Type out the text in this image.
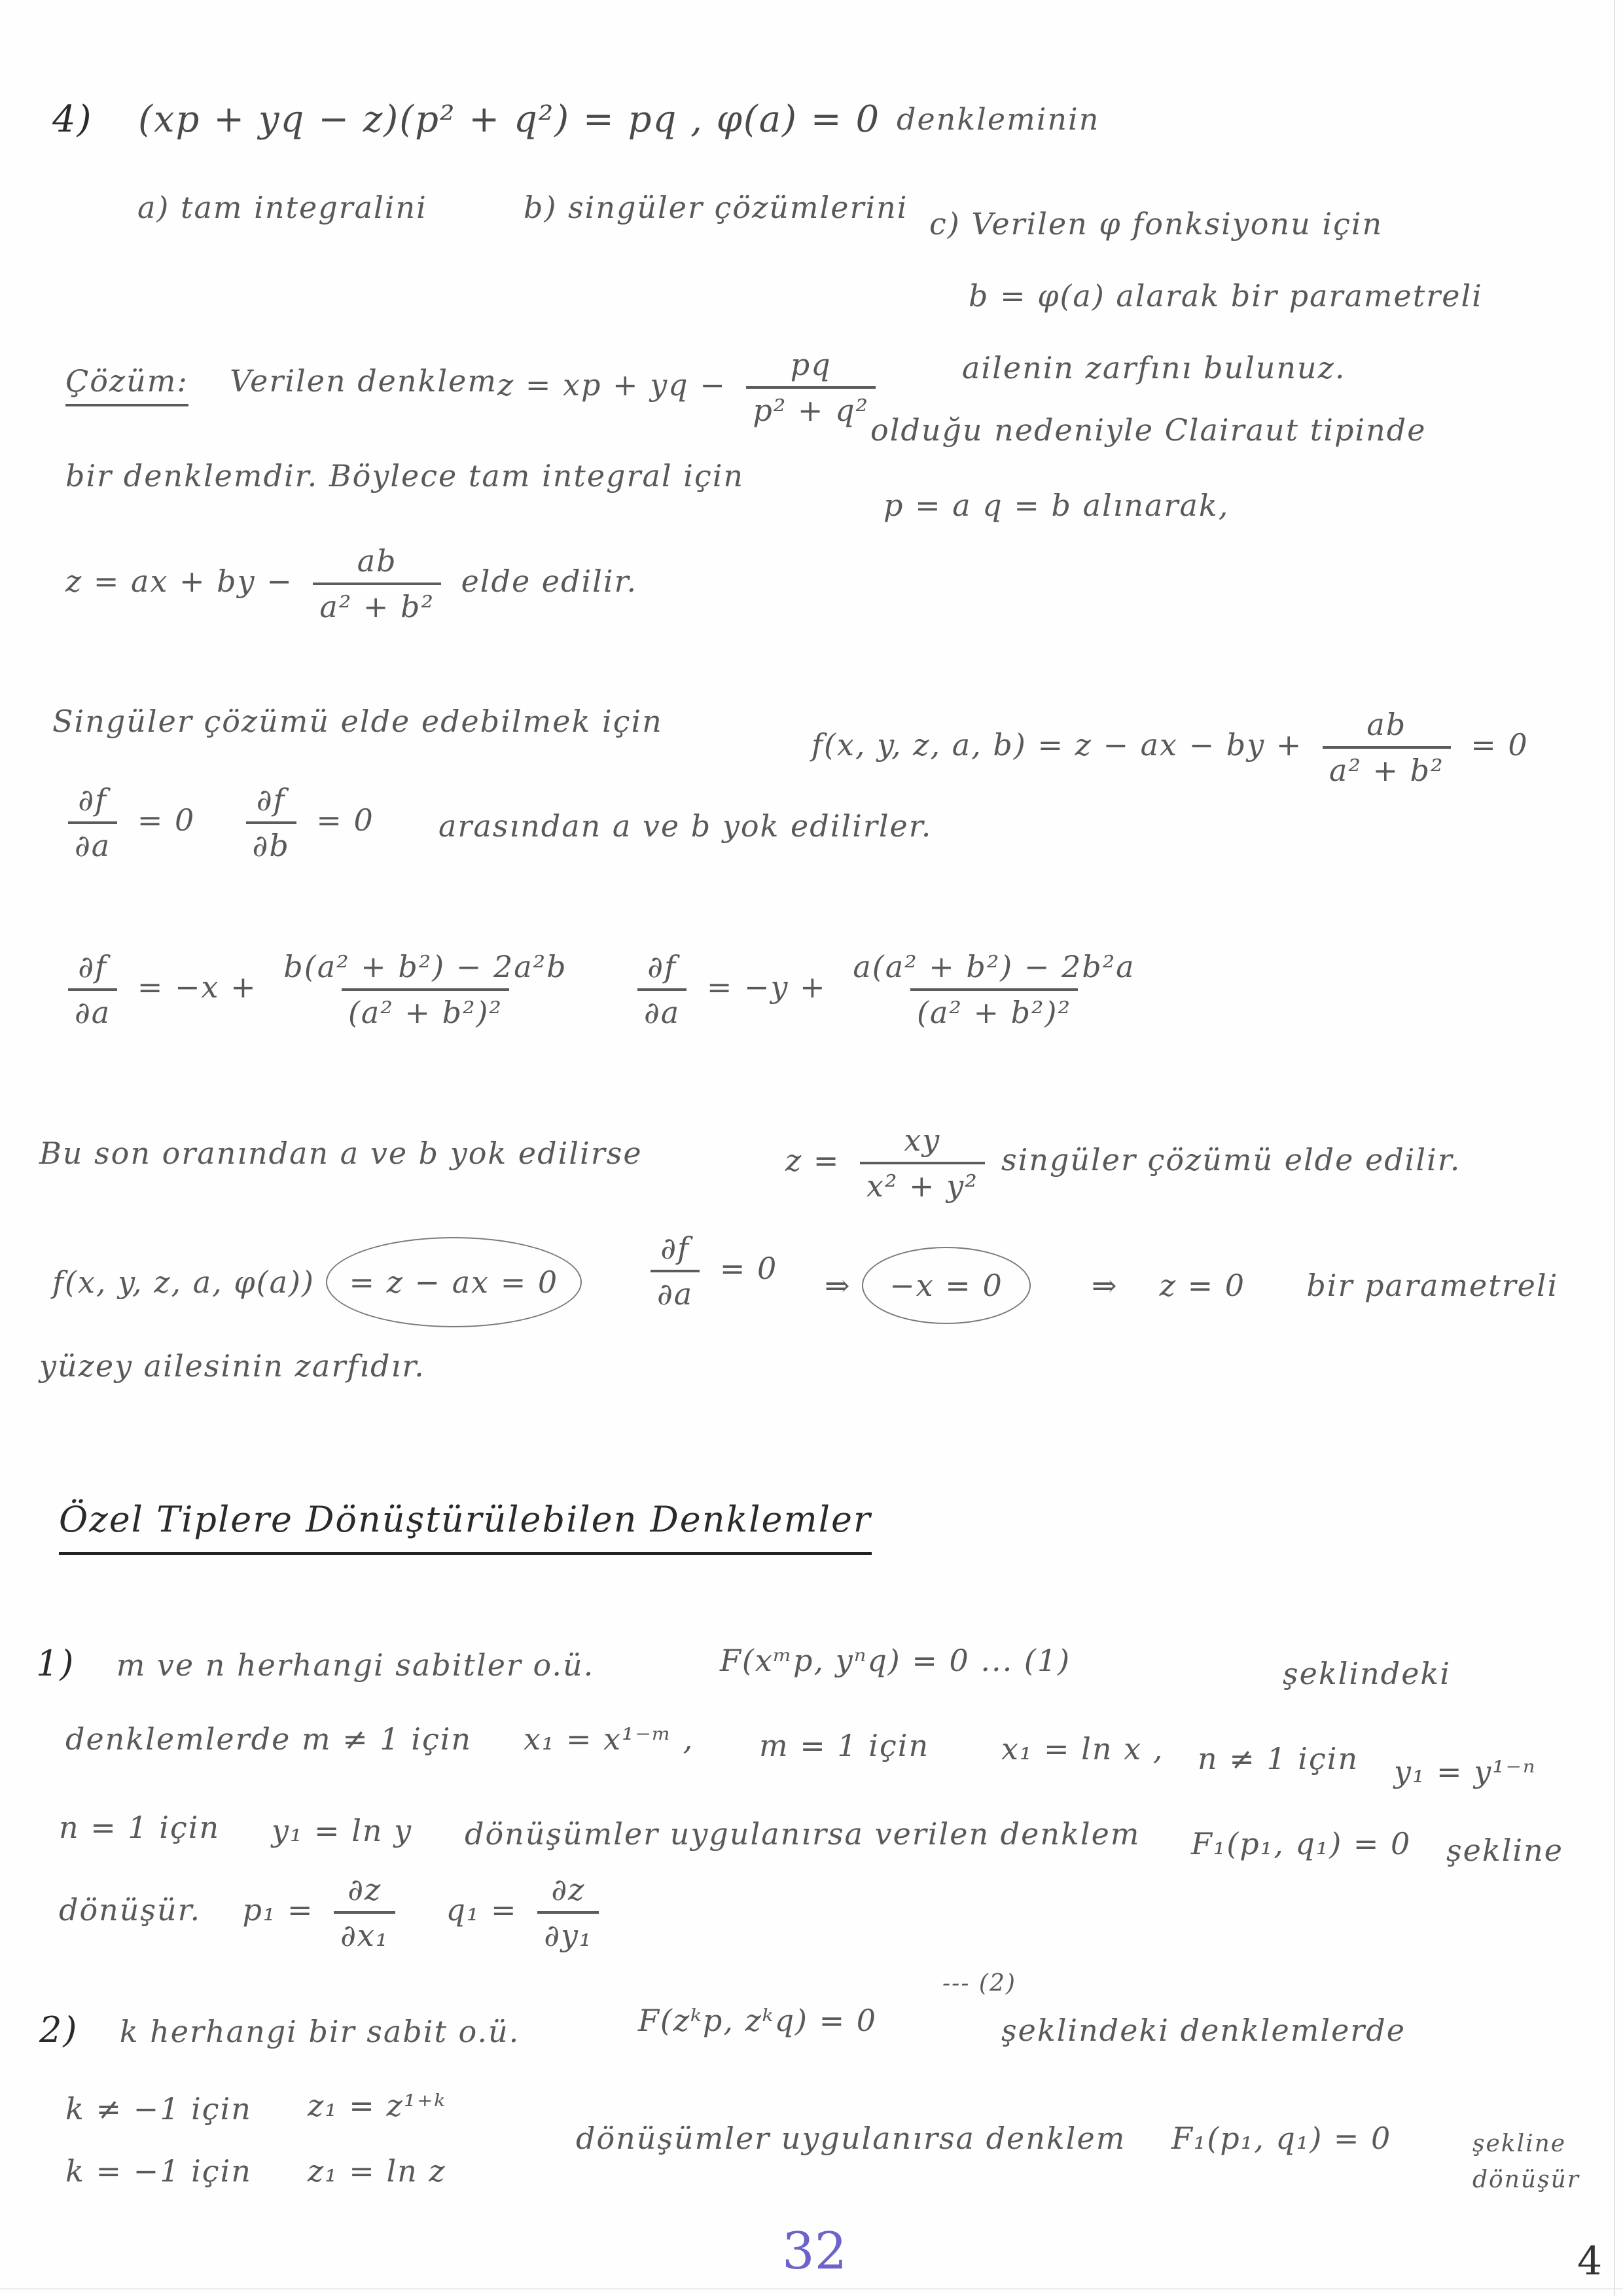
4) (xp + yq − z)(p² + q²) = pq , φ(a) = 0 denkleminin
a) tam integralini	b) singüler çözümlerini c) Verilen φ fonksiyonu için
b = φ(a) alarak bir parametreli
ailenin zarfını bulunuz.
Çözüm: Verilen denklem z = xp + yq − $\frac{pq}{\text{p² + q²}}$
olduğu nedeniyle Clairaut tipinde
bir denklemdir. Böylece tam integral için
p = a q = b alınarak,
z = ax + by − $\frac{ab}{\text{a² + b²}}$ elde edilir.
Singüler çözümü elde edebilmek için
f(x, y, z, a, b) = z − ax − by + $\frac{ab}{\text{a² + b²}} = 0$
$\frac{\partial f}{\partial a} = 0 \frac{\partial f}{\partial b} = 0$ arasından a ve b yok edilirler.
$\frac{\partial f}{\partial a} = -x + \frac{\text{b(a² + b²) − 2a²b}}{\text{(a² + b²)²}} \frac{\partial f}{\partial a} = -y + \frac{\text{a(a² + b²) − 2b²a}}{\text{(a² + b²)²}}$
Bu son oranından a ve b yok edilirse	$z = \frac{xy}{\text{x² + y²}}$ singüler çözümü elde edilir.
f(x, y, z, a, φ(a)) = z − ax = 0	$\frac{\partial f}{\partial a} = 0$ ⇒ −x = 0	⇒ z = 0 bir parametreli
yüzey ailesinin zarfıdır.
Özel Tiplere Dönüştürülebilen Denklemler
1) m ve n herhangi sabitler o.ü.	F(xᵐp, yⁿq) = 0 ... (1)	şeklindeki
denklemlerde m ≠ 1 için x₁ = x¹⁻ᵐ , m = 1 için x₁ = ln x , n ≠ 1 için y₁ = y¹⁻ⁿ
n = 1 için y₁ = ln y dönüşümler uygulanırsa verilen denklem F₁(p₁, q₁) = 0 şekline
dönüşür. $p_1 = \frac{\partial z}{\text{∂x₁}} q_1 = \frac{\partial z}{\text{∂y₁}}$
2) k herhangi bir sabit o.ü.	F(zᵏp, zᵏq) = 0
--- (2)
şeklindeki denklemlerde
k ≠ −1 için z₁ = z¹⁺ᵏ
k = −1 için z₁ = ln z
dönüşümler uygulanırsa denklem F₁(p₁, q₁) = 0	şekline
dönüşür
32	4
